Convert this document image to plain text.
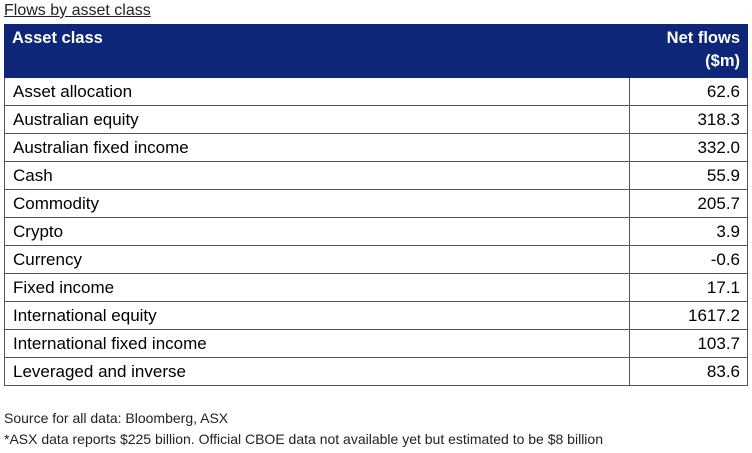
Flows by asset class
Asset class	Net flows
($m)
Asset allocation	62.6
Australian equity	318.3
Australian fixed income	332.0
Cash	55.9
Commodity	205.7
Crypto	3.9
Currency	-0.6
Fixed income	17.1
International equity	1617.2
International fixed income	103.7
Leveraged and inverse	83.6
Source for all data: Bloomberg, ASX
*ASX data reports $225 billion. Official CBOE data not available yet but estimated to be $8 billion
